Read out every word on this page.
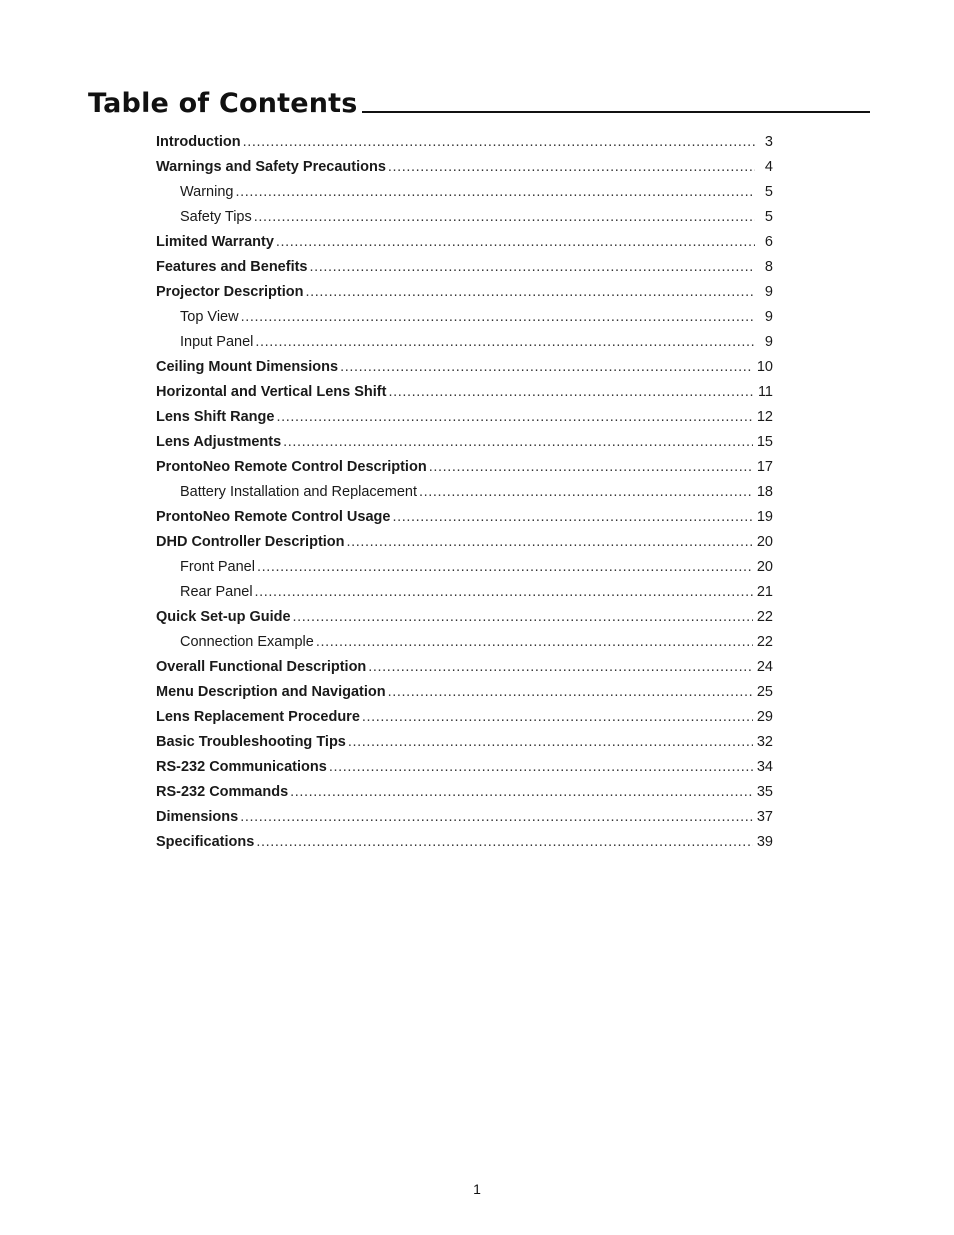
Table of Contents
Introduction .....	3
Warnings and Safety Precautions .....	4
Warning .....	5
Safety Tips .....	5
Limited Warranty .....	6
Features and Benefits .....	8
Projector Description .....	9
Top View .....	9
Input Panel .....	9
Ceiling Mount Dimensions .....	10
Horizontal and Vertical Lens Shift .....	11
Lens Shift Range .....	12
Lens Adjustments .....	15
ProntoNeo Remote Control Description .....	17
Battery Installation and Replacement .....	18
ProntoNeo Remote Control Usage .....	19
DHD Controller Description .....	20
Front Panel .....	20
Rear Panel .....	21
Quick Set-up Guide .....	22
Connection Example .....	22
Overall Functional Description .....	24
Menu Description and Navigation .....	25
Lens Replacement Procedure .....	29
Basic Troubleshooting Tips .....	32
RS-232 Communications .....	34
RS-232 Commands .....	35
Dimensions .....	37
Specifications .....	39
1
